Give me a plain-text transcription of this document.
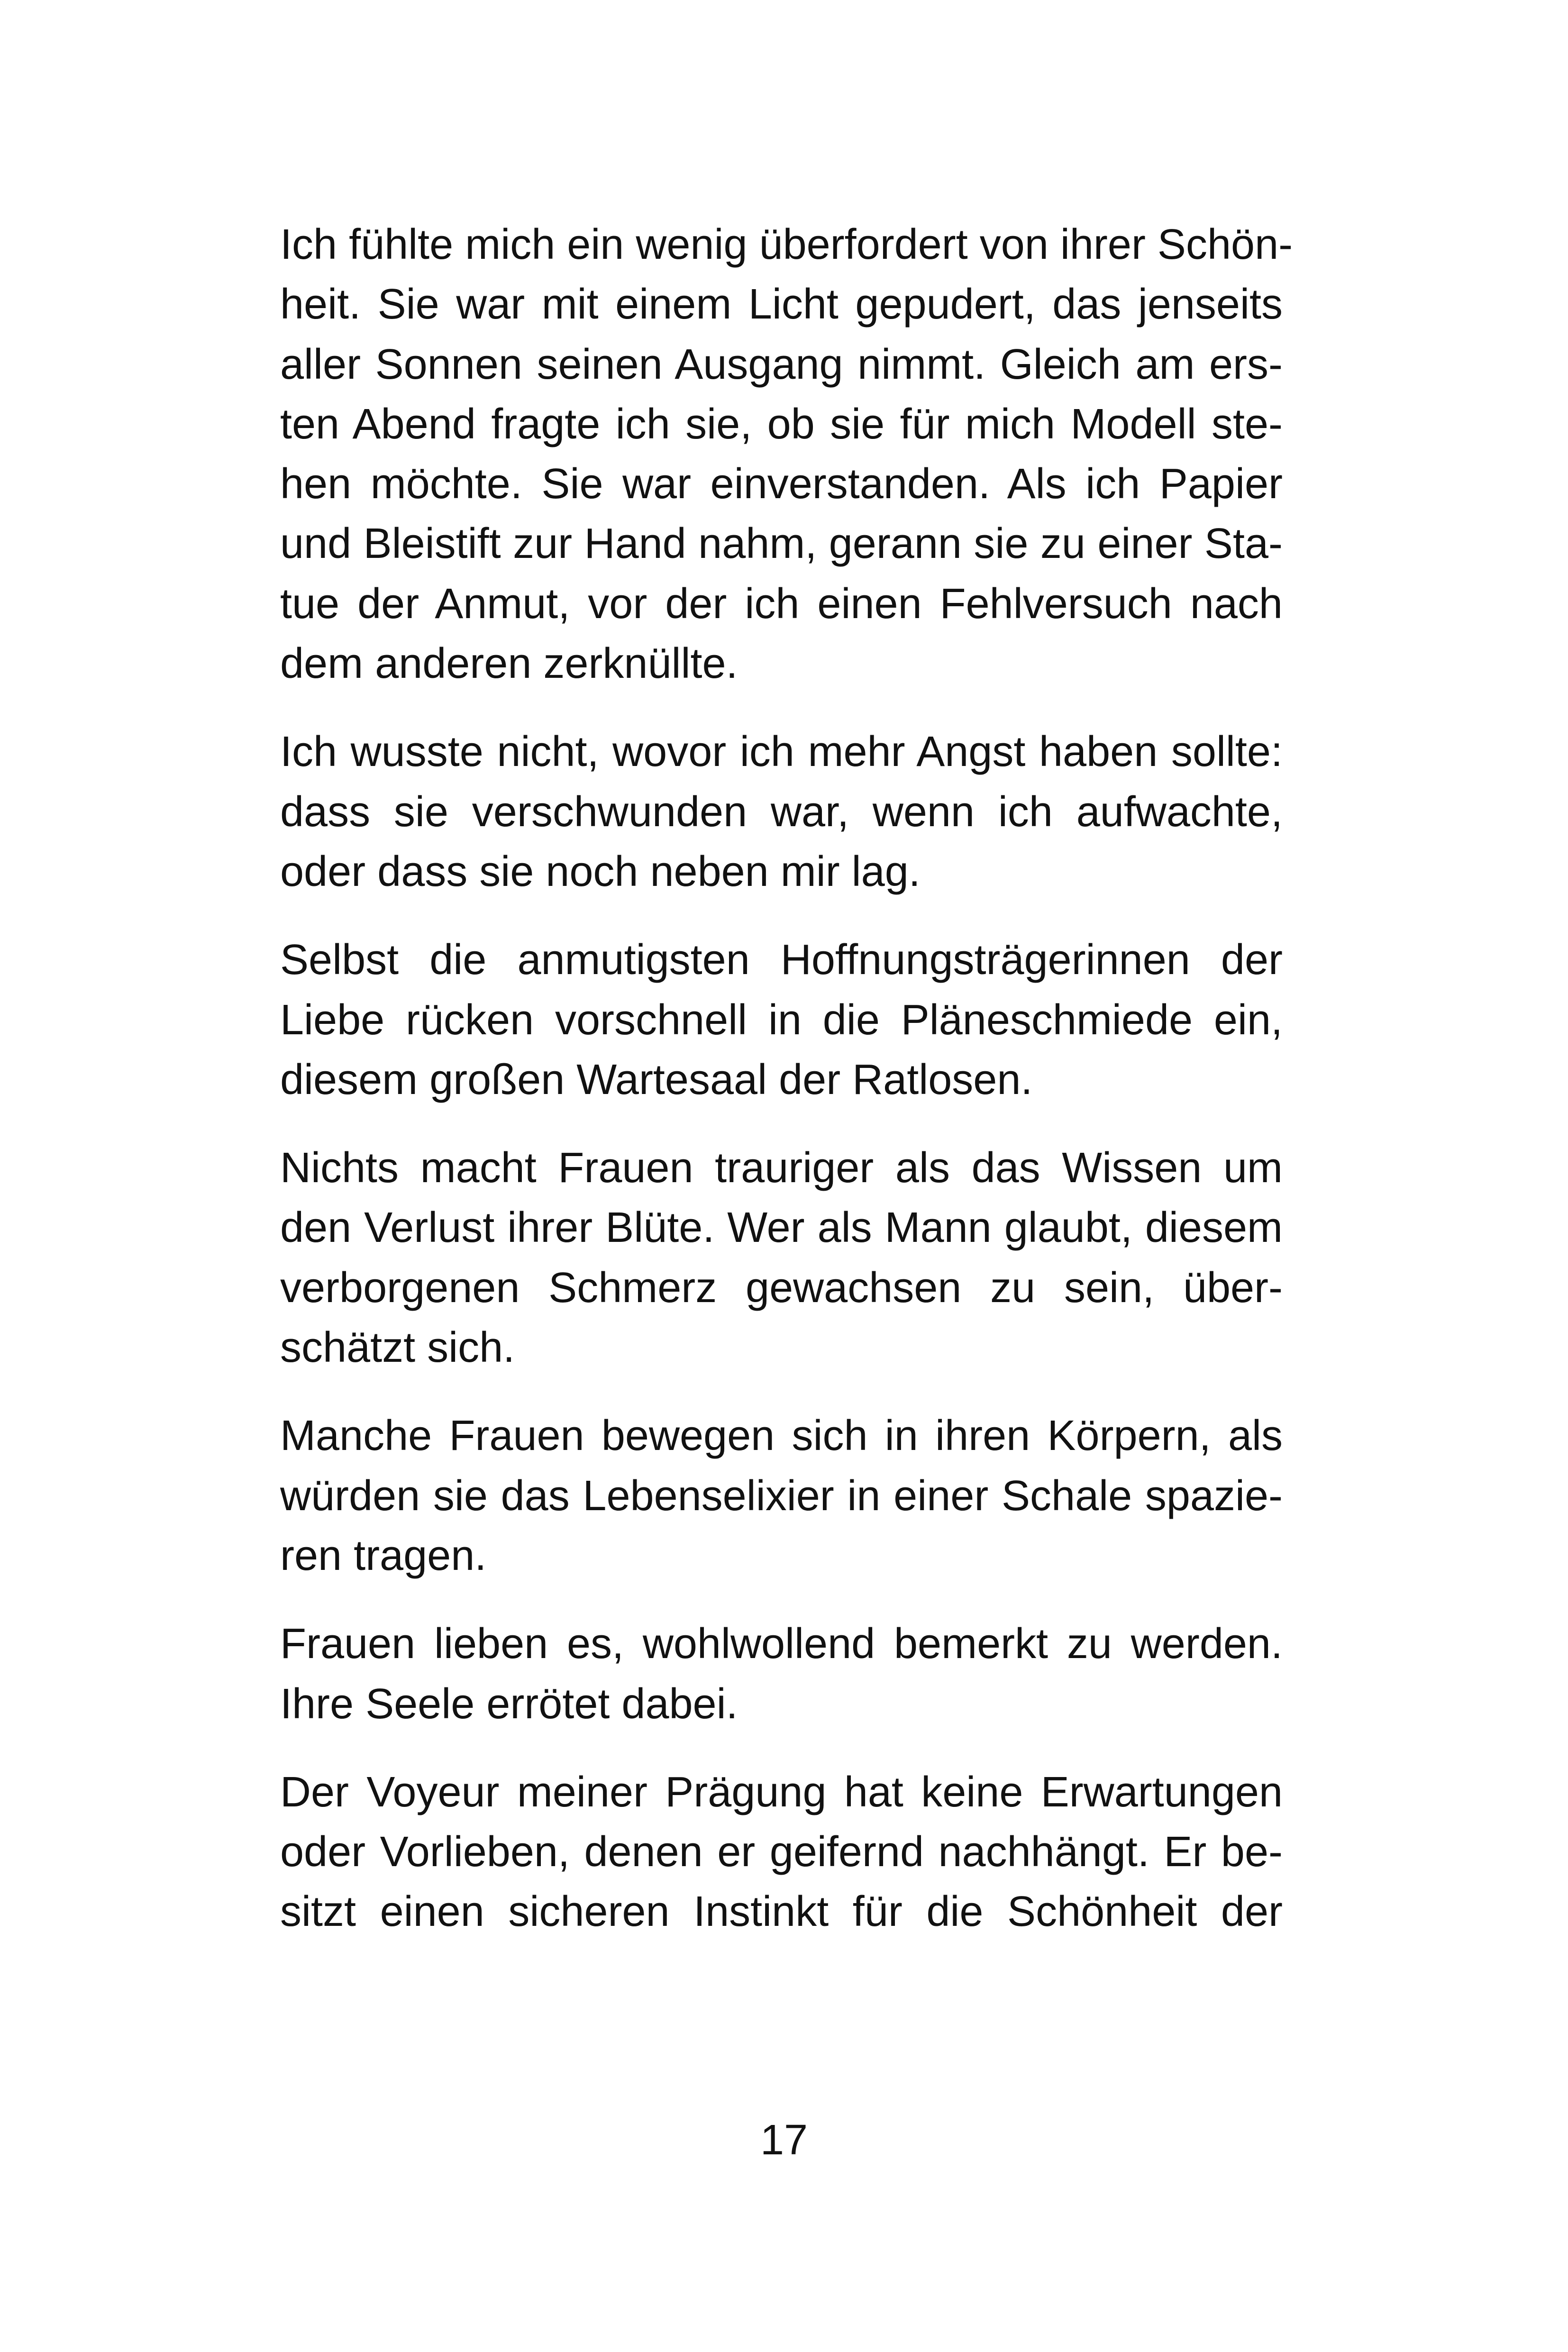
Ich fühlte mich ein wenig überfordert von ihrer Schön-
heit. Sie war mit einem Licht gepudert, das jenseits
aller Sonnen seinen Ausgang nimmt. Gleich am ers-
ten Abend fragte ich sie, ob sie für mich Modell ste-
hen möchte. Sie war einverstanden. Als ich Papier
und Bleistift zur Hand nahm, gerann sie zu einer Sta-
tue der Anmut, vor der ich einen Fehlversuch nach
dem anderen zerknüllte.
Ich wusste nicht, wovor ich mehr Angst haben sollte:
dass sie verschwunden war, wenn ich aufwachte,
oder dass sie noch neben mir lag.
Selbst die anmutigsten Hoffnungsträgerinnen der
Liebe rücken vorschnell in die Pläneschmiede ein,
diesem großen Wartesaal der Ratlosen.
Nichts macht Frauen trauriger als das Wissen um
den Verlust ihrer Blüte. Wer als Mann glaubt, diesem
verborgenen Schmerz gewachsen zu sein, über-
schätzt sich.
Manche Frauen bewegen sich in ihren Körpern, als
würden sie das Lebenselixier in einer Schale spazie-
ren tragen.
Frauen lieben es, wohlwollend bemerkt zu werden.
Ihre Seele errötet dabei.
Der Voyeur meiner Prägung hat keine Erwartungen
oder Vorlieben, denen er geifernd nachhängt. Er be-
sitzt einen sicheren Instinkt für die Schönheit der
17
